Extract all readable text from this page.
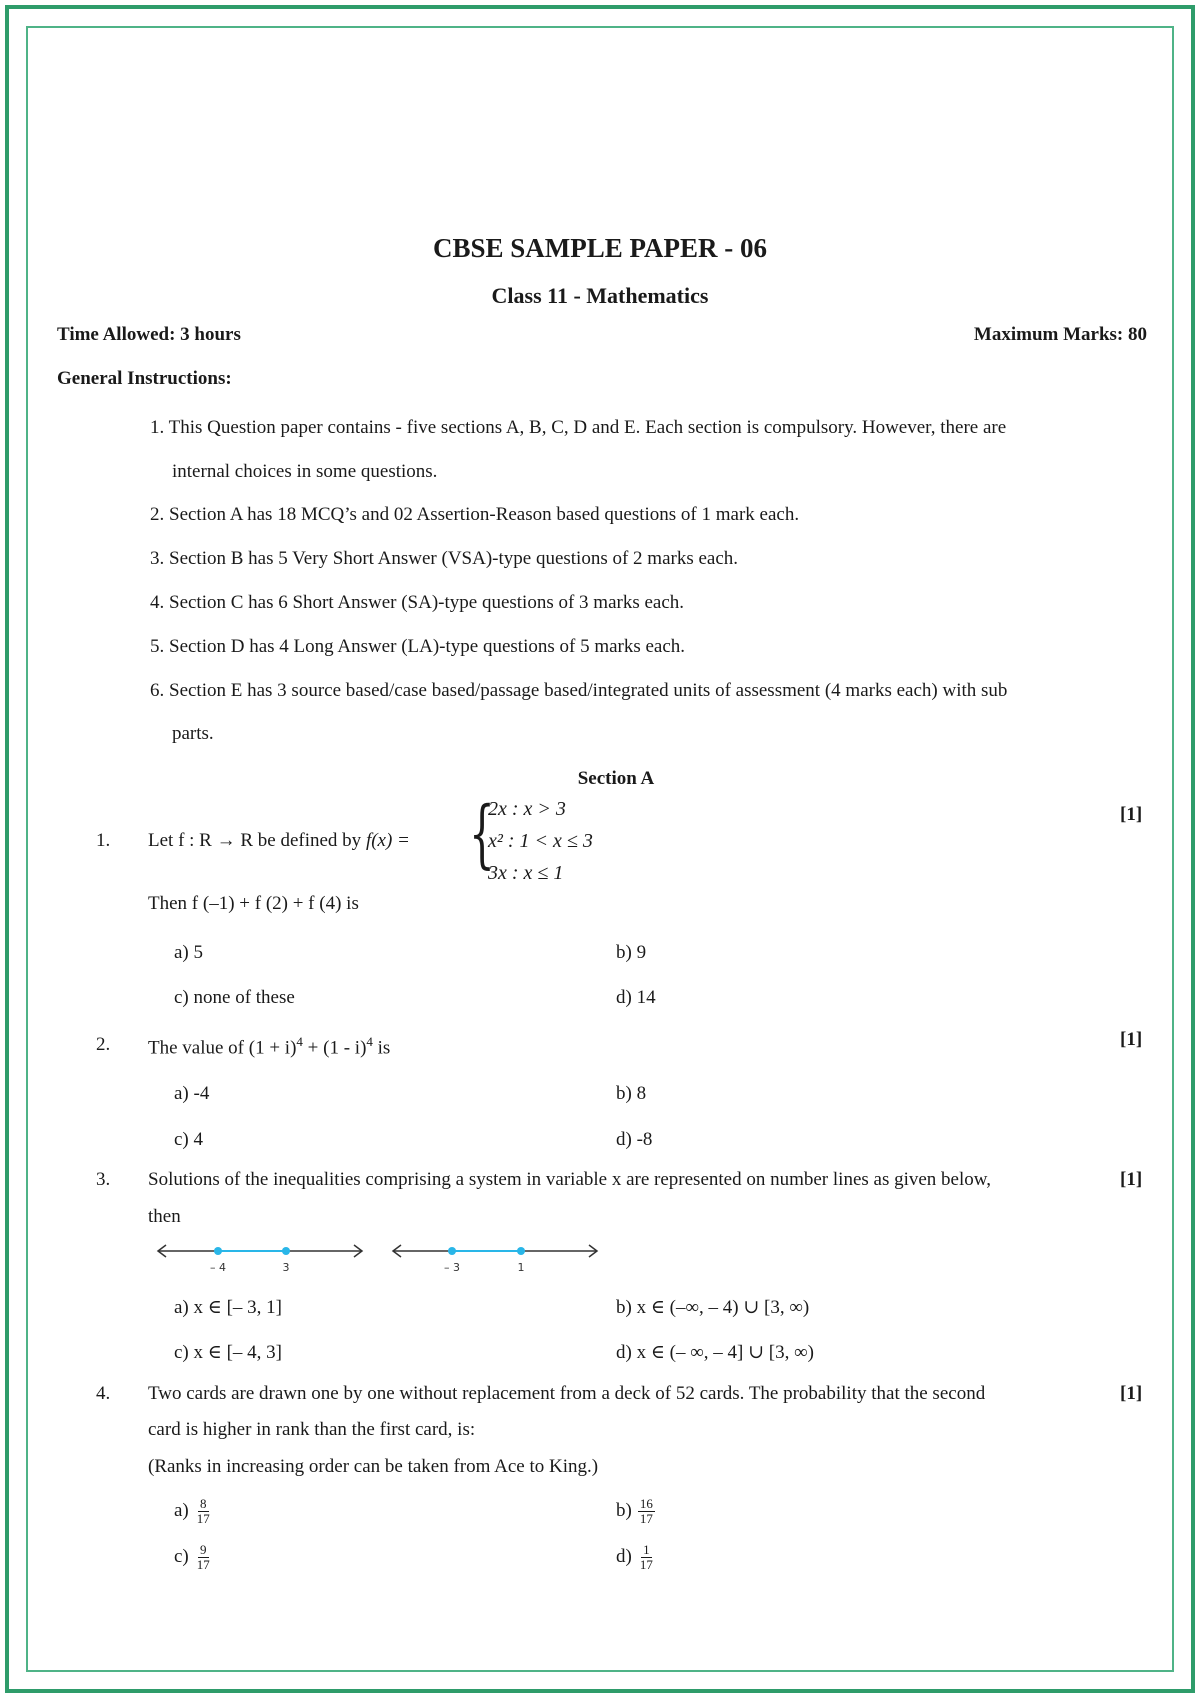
CBSE SAMPLE PAPER - 06
Class 11 - Mathematics
Time Allowed: 3 hours	Maximum Marks: 80
General Instructions:
1. This Question paper contains - five sections A, B, C, D and E. Each section is compulsory. However, there are
internal choices in some questions.
2. Section A has 18 MCQ’s and 02 Assertion-Reason based questions of 1 mark each.
3. Section B has 5 Very Short Answer (VSA)-type questions of 2 marks each.
4. Section C has 6 Short Answer (SA)-type questions of 3 marks each.
5. Section D has 4 Long Answer (LA)-type questions of 5 marks each.
6. Section E has 3 source based/case based/passage based/integrated units of assessment (4 marks each) with sub
parts.
Section A
1. Let f : R → R be defined by f(x) = {
2x : x > 3
x² : 1 < x ≤ 3
3x : x ≤ 1
[1]
Then f (–1) + f (2) + f (4) is
a) 5	b) 9
c) none of these	d) 14
2. The value of $(1 + i)^4 + (1 - i)^4$ is	[1]
a) -4	b) 8
c) 4	d) -8
3. Solutions of the inequalities comprising a system in variable x are represented on number lines as given below,	[1]
then
– 4	3	– 3	1
a) x ∈ [– 3, 1]	b) x ∈ (–∞, – 4) ∪ [3, ∞)
c) x ∈ [– 4, 3]	d) x ∈ (– ∞, – 4] ∪ [3, ∞)
4. Two cards are drawn one by one without replacement from a deck of 52 cards. The probability that the second	[1]
card is higher in rank than the first card, is:
(Ranks in increasing order can be taken from Ace to King.)
$a) \frac{8}{17}$	$b) \frac{16}{17}$
$c) \frac{9}{17}$	$d) \frac{1}{17}$
